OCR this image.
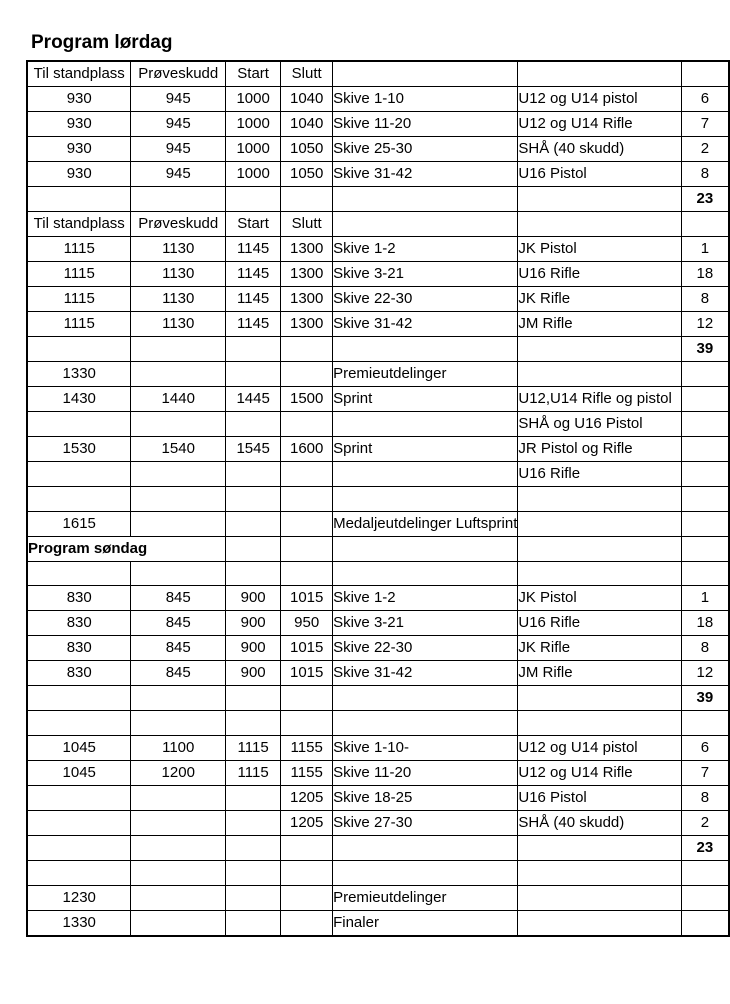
Program lørdag
Til standplass	Prøveskudd	Start	Slutt			
930	945	1000	1040	Skive 1-10	U12 og U14 pistol	6
930	945	1000	1040	Skive 11-20	U12 og U14 Rifle	7
930	945	1000	1050	Skive 25-30	SHÅ (40 skudd)	2
930	945	1000	1050	Skive 31-42	U16 Pistol	8
						23
Til standplass	Prøveskudd	Start	Slutt			
1115	1130	1145	1300	Skive 1-2	JK Pistol	1
1115	1130	1145	1300	Skive 3-21	U16 Rifle	18
1115	1130	1145	1300	Skive 22-30	JK Rifle	8
1115	1130	1145	1300	Skive 31-42	JM Rifle	12
						39
1330				Premieutdelinger		
1430	1440	1445	1500	Sprint	U12,U14 Rifle og pistol	
					SHÅ og U16 Pistol	
1530	1540	1545	1600	Sprint	JR Pistol og Rifle	
					U16 Rifle	

1615				Medaljeutdelinger Luftsprint		
Program søndag						

830	845	900	1015	Skive 1-2	JK Pistol	1
830	845	900	950	Skive 3-21	U16 Rifle	18
830	845	900	1015	Skive 22-30	JK Rifle	8
830	845	900	1015	Skive 31-42	JM Rifle	12
						39

1045	1100	1115	1155	Skive 1-10-	U12 og U14 pistol	6
1045	1200	1115	1155	Skive 11-20	U12 og U14 Rifle	7
			1205	Skive 18-25	U16 Pistol	8
			1205	Skive 27-30	SHÅ (40 skudd)	2
						23

1230				Premieutdelinger		
1330				Finaler		
